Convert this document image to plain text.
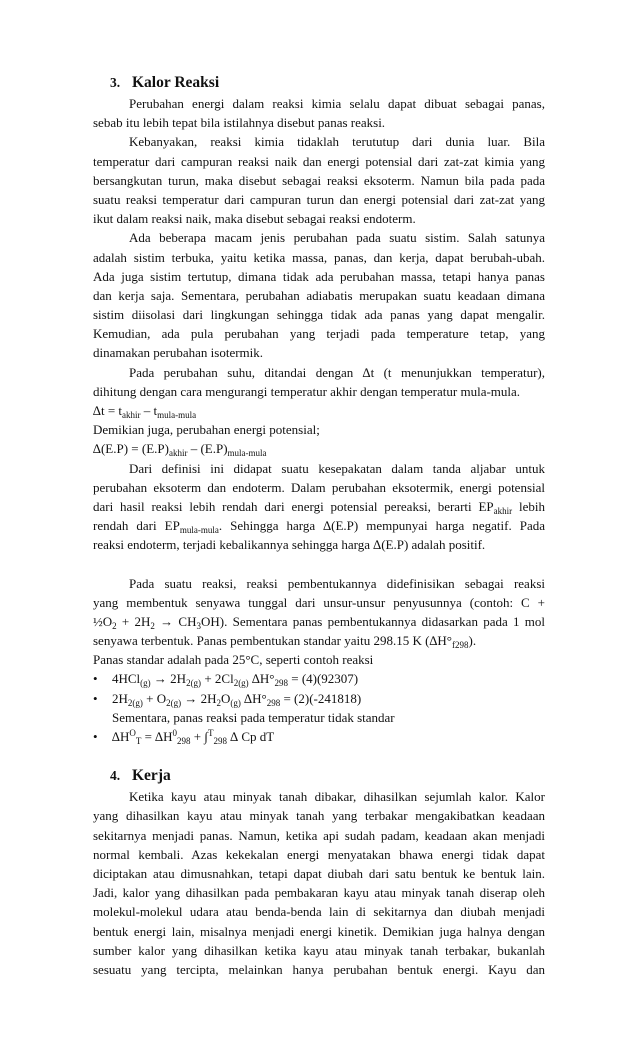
3. Kalor Reaksi
Perubahan energi dalam reaksi kimia selalu dapat dibuat sebagai panas,
sebab itu lebih tepat bila istilahnya disebut panas reaksi.
Kebanyakan, reaksi kimia tidaklah terututup dari dunia luar. Bila
temperatur dari campuran reaksi naik dan energi potensial dari zat-zat kimia yang
bersangkutan turun, maka disebut sebagai reaksi eksoterm. Namun bila pada pada
suatu reaksi temperatur dari campuran turun dan energi potensial dari zat-zat yang
ikut dalam reaksi naik, maka disebut sebagai reaksi endoterm.
Ada beberapa macam jenis perubahan pada suatu sistim. Salah satunya
adalah sistim terbuka, yaitu ketika massa, panas, dan kerja, dapat berubah-ubah.
Ada juga sistim tertutup, dimana tidak ada perubahan massa, tetapi hanya panas
dan kerja saja. Sementara, perubahan adiabatis merupakan suatu keadaan dimana
sistim diisolasi dari lingkungan sehingga tidak ada panas yang dapat mengalir.
Kemudian, ada pula perubahan yang terjadi pada temperature tetap, yang
dinamakan perubahan isotermik.
Pada perubahan suhu, ditandai dengan ∆t (t menunjukkan temperatur),
dihitung dengan cara mengurangi temperatur akhir dengan temperatur mula-mula.
$\Delta t = t_{akhir} - t_{mula-mula}$
Demikian juga, perubahan energi potensial;
$\Delta(E.P) = (E.P)_{akhir} - (E.P)_{mula-mula}$
Dari definisi ini didapat suatu kesepakatan dalam tanda aljabar untuk
perubahan eksoterm dan endoterm. Dalam perubahan eksotermik, energi potensial
dari hasil reaksi lebih rendah dari energi potensial pereaksi, berarti $EP_{akhir}$ lebih
rendah dari $EP_{mula-mula}$. Sehingga harga ∆(E.P) mempunyai harga negatif. Pada
reaksi endoterm, terjadi kebalikannya sehingga harga ∆(E.P) adalah positif.
Pada suatu reaksi, reaksi pembentukannya didefinisikan sebagai reaksi
yang membentuk senyawa tunggal dari unsur-unsur penyusunnya (contoh: C +
$\frac{1}{2}O_2 + 2H_2 \to CH_3OH$). Sementara panas pembentukannya didasarkan pada 1 mol
senyawa terbentuk. Panas pembentukan standar yaitu 298.15 K $(\Delta H^\circ_{f298})$.
Panas standar adalah pada 25°C, seperti contoh reaksi
• $4HCl_{(g)} \to 2H_{2(g)} + 2Cl_{2(g)}$ $\Delta H^\circ_{298} = (4)(92307)$
• $2H_{2(g)} + O_{2(g)} \to 2H_2O_{(g)}$ $\Delta H^\circ_{298} = (2)(-241818)$
Sementara, panas reaksi pada temperatur tidak standar
• $\Delta H^O_T = \Delta H^0_{298} + \int^T_{298}$ ∆ Cp dT
4. Kerja
Ketika kayu atau minyak tanah dibakar, dihasilkan sejumlah kalor. Kalor
yang dihasilkan kayu atau minyak tanah yang terbakar mengakibatkan keadaan
sekitarnya menjadi panas. Namun, ketika api sudah padam, keadaan akan menjadi
normal kembali. Azas kekekalan energi menyatakan bhawa energi tidak dapat
diciptakan atau dimusnahkan, tetapi dapat diubah dari satu bentuk ke bentuk lain.
Jadi, kalor yang dihasilkan pada pembakaran kayu atau minyak tanah diserap oleh
molekul-molekul udara atau benda-benda lain di sekitarnya dan diubah menjadi
bentuk energi lain, misalnya menjadi energi kinetik. Demikian juga halnya dengan
sumber kalor yang dihasilkan ketika kayu atau minyak tanah terbakar, bukanlah
sesuatu yang tercipta, melainkan hanya perubahan bentuk energi. Kayu dan
